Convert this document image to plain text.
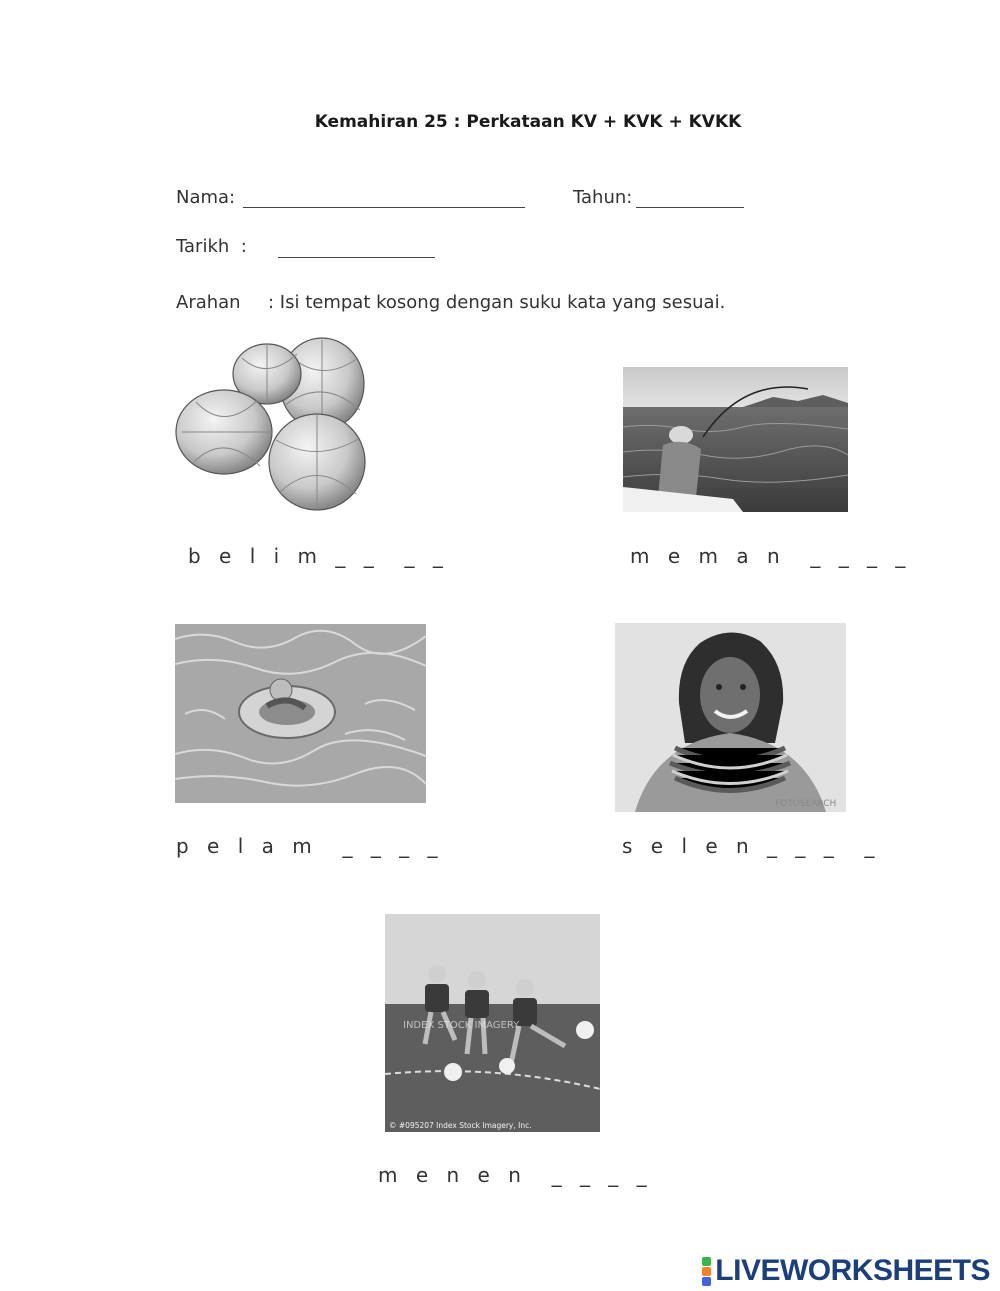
Kemahiran 25 : Perkataan KV + KVK + KVKK
Nama:	Tahun:
Tarikh  :
Arahan : Isi tempat kosong dengan suku kata yang sesuai.
b e l i m _ _  _ _	m e m a n  _ _ _ _
p e l a m  _ _ _ _
FOTOSEARCH
s e l e n _ _ _  _
INDEX STOCK IMAGERY
© #095207 Index Stock Imagery, Inc.
m e n e n  _ _ _ _
LIVEWORKSHEETS
